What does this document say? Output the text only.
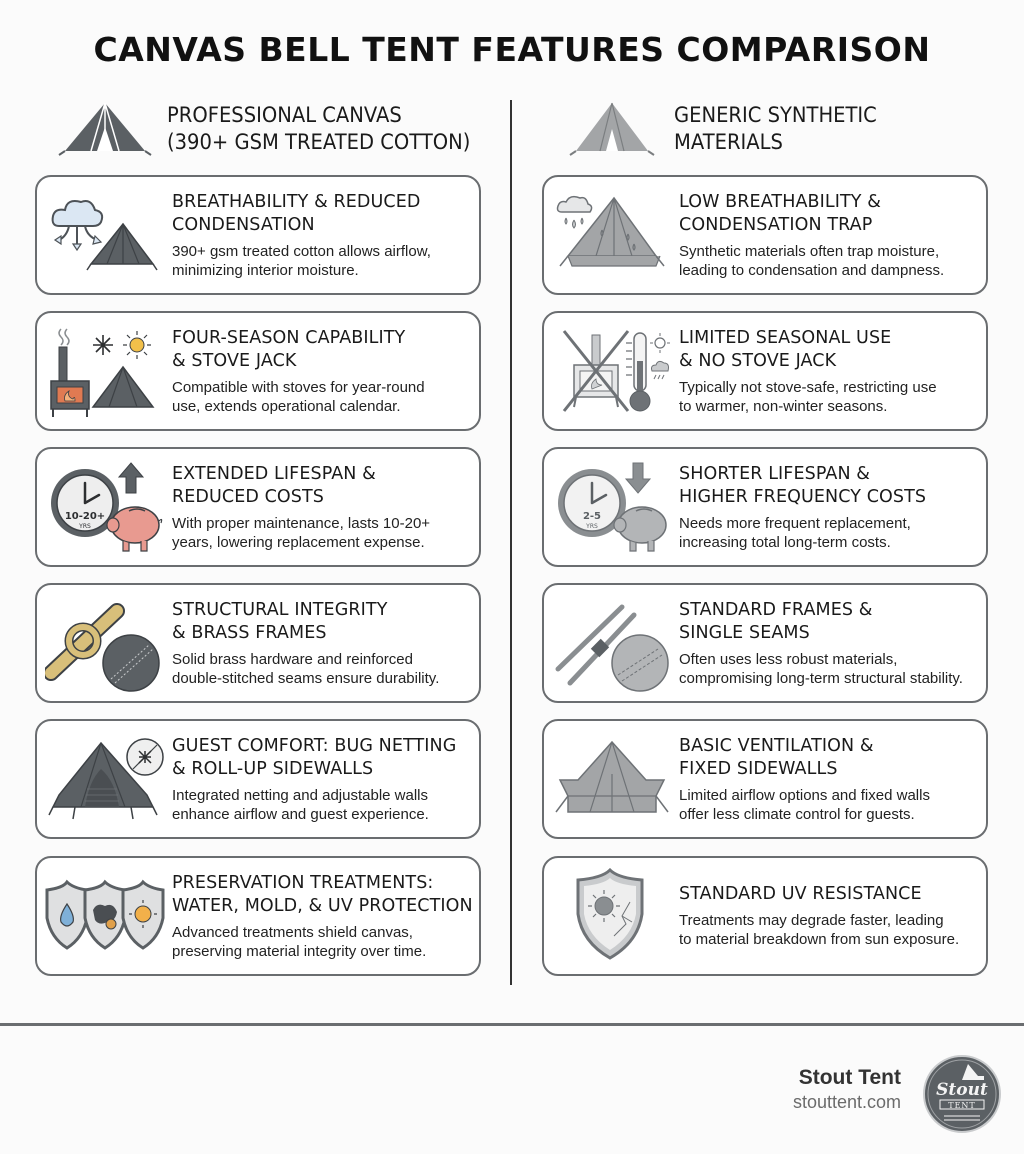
CANVAS BELL TENT FEATURES COMPARISON
PROFESSIONAL CANVAS
(390+ GSM TREATED COTTON)
GENERIC SYNTHETIC
MATERIALS
BREATHABILITY & REDUCED
CONDENSATION
390+ gsm treated cotton allows airflow,
minimizing interior moisture.
FOUR-SEASON CAPABILITY
& STOVE JACK
Compatible with stoves for year-round
use, extends operational calendar.
10-20+
YRS
EXTENDED LIFESPAN &
REDUCED COSTS
With proper maintenance, lasts 10-20+
years, lowering replacement expense.
STRUCTURAL INTEGRITY
& BRASS FRAMES
Solid brass hardware and reinforced
double-stitched seams ensure durability.
GUEST COMFORT: BUG NETTING
& ROLL-UP SIDEWALLS
Integrated netting and adjustable walls
enhance airflow and guest experience.
PRESERVATION TREATMENTS:
WATER, MOLD, & UV PROTECTION
Advanced treatments shield canvas,
preserving material integrity over time.
LOW BREATHABILITY &
CONDENSATION TRAP
Synthetic materials often trap moisture,
leading to condensation and dampness.
LIMITED SEASONAL USE
& NO STOVE JACK
Typically not stove-safe, restricting use
to warmer, non-winter seasons.
2-5
YRS
SHORTER LIFESPAN &
HIGHER FREQUENCY COSTS
Needs more frequent replacement,
increasing total long-term costs.
STANDARD FRAMES &
SINGLE SEAMS
Often uses less robust materials,
compromising long-term structural stability.
BASIC VENTILATION &
FIXED SIDEWALLS
Limited airflow options and fixed walls
offer less climate control for guests.
STANDARD UV RESISTANCE
Treatments may degrade faster, leading
to material breakdown from sun exposure.
Stout Tent
stouttent.com
Stout
TENT
